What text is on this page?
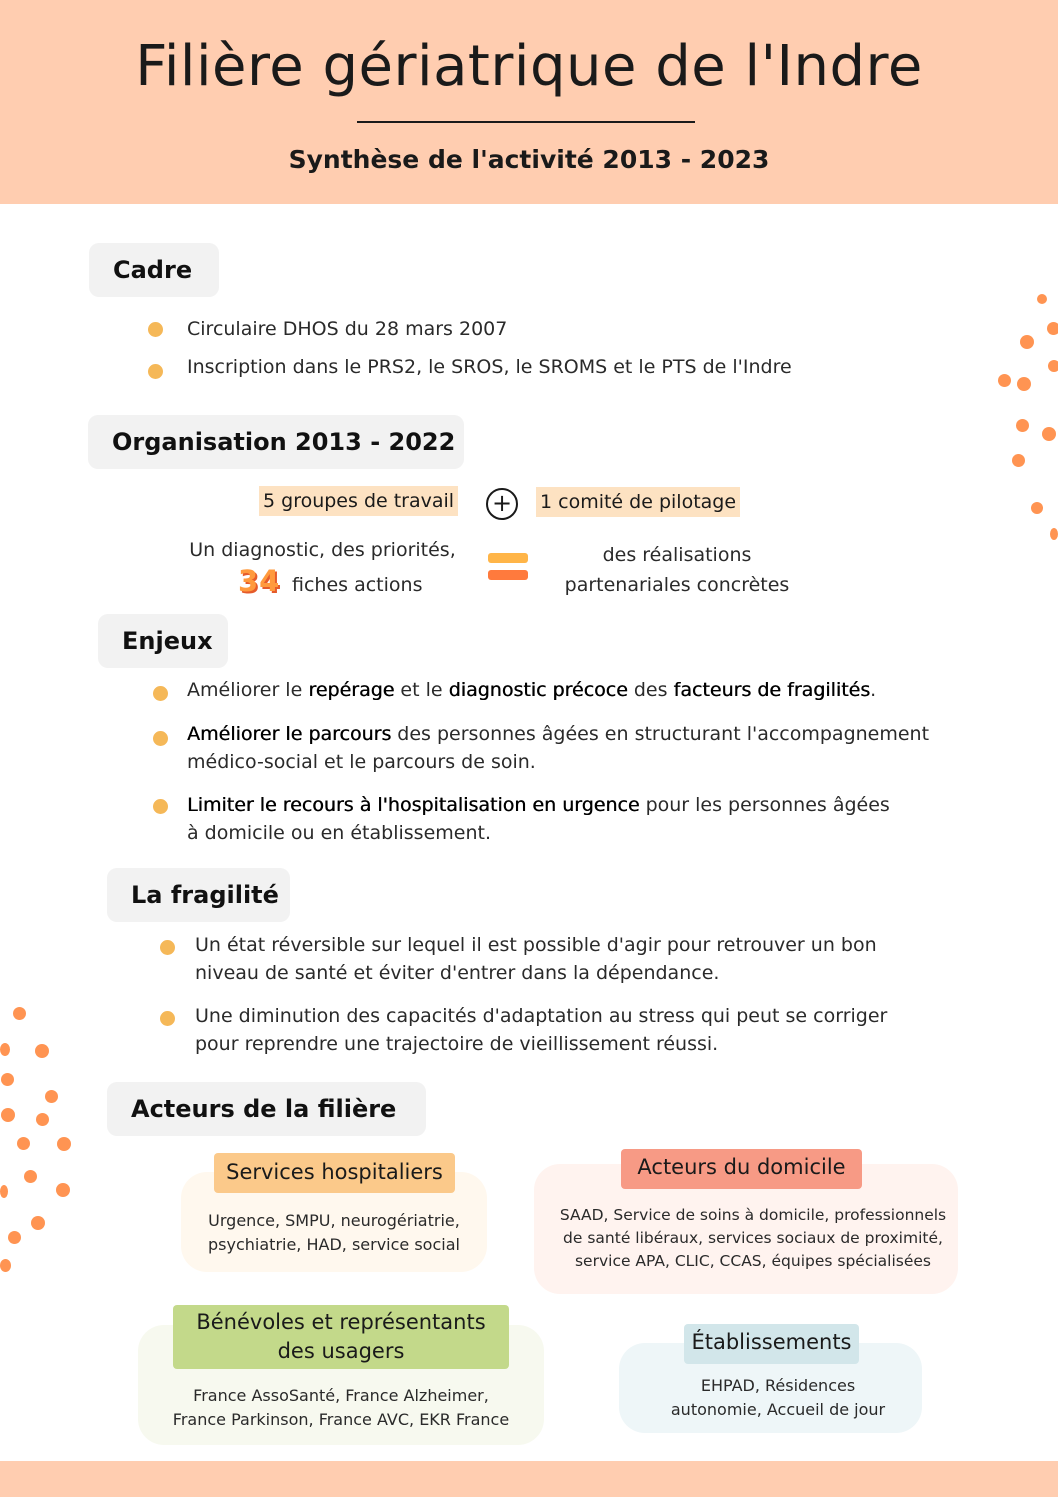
Filière gériatrique de l'Indre
Synthèse de l'activité 2013 - 2023
Cadre
Circulaire DHOS du 28 mars 2007
Inscription dans le PRS2, le SROS, le SROMS et le PTS de l'Indre
Organisation 2013 - 2022
5 groupes de travail +	1 comité de pilotage
Un diagnostic, des priorités,
34 fiches actions
des réalisations
partenariales concrètes
Enjeux
Améliorer le repérage et le diagnostic précoce des facteurs de fragilités.
Améliorer le parcours des personnes âgées en structurant l'accompagnement
médico-social et le parcours de soin.
Limiter le recours à l'hospitalisation en urgence pour les personnes âgées
à domicile ou en établissement.
La fragilité
Un état réversible sur lequel il est possible d'agir pour retrouver un bon
niveau de santé et éviter d'entrer dans la dépendance.
Une diminution des capacités d'adaptation au stress qui peut se corriger
pour reprendre une trajectoire de vieillissement réussi.
Acteurs de la filière
Services hospitaliers
Urgence, SMPU, neurogériatrie,
psychiatrie, HAD, service social
Acteurs du domicile
SAAD, Service de soins à domicile, professionnels
de santé libéraux, services sociaux de proximité,
service APA, CLIC, CCAS, équipes spécialisées
Bénévoles et représentants
des usagers
France AssoSanté, France Alzheimer,
France Parkinson, France AVC, EKR France
Établissements
EHPAD, Résidences
autonomie, Accueil de jour
